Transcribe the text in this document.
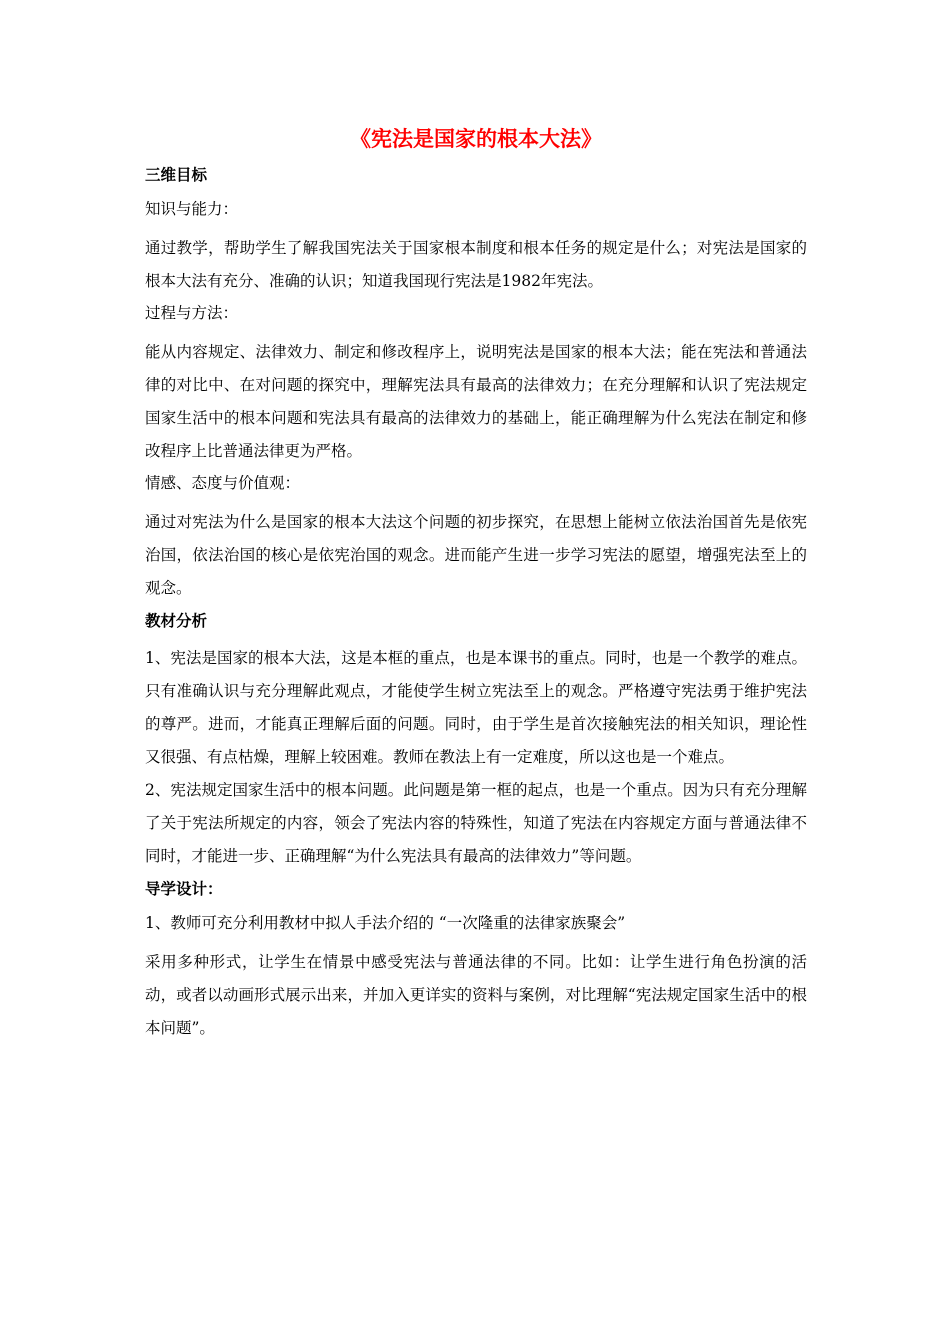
《宪法是国家的根本大法》
三维目标
知识与能力：

通过教学，帮助学生了解我国宪法关于国家根本制度和根本任务的规定是什么；对宪法是国家的根本大法有充分、准确的认识；知道我国现行宪法是1982年宪法。

过程与方法：

能从内容规定、法律效力、制定和修改程序上，说明宪法是国家的根本大法；能在宪法和普通法律的对比中、在对问题的探究中，理解宪法具有最高的法律效力；在充分理解和认识了宪法规定国家生活中的根本问题和宪法具有最高的法律效力的基础上，能正确理解为什么宪法在制定和修改程序上比普通法律更为严格。

情感、态度与价值观：

通过对宪法为什么是国家的根本大法这个问题的初步探究，在思想上能树立依法治国首先是依宪治国，依法治国的核心是依宪治国的观念。进而能产生进一步学习宪法的愿望，增强宪法至上的观念。

教材分析

1、宪法是国家的根本大法，这是本框的重点，也是本课书的重点。同时，也是一个教学的难点。只有准确认识与充分理解此观点，才能使学生树立宪法至上的观念。严格遵守宪法勇于维护宪法的尊严。进而，才能真正理解后面的问题。同时，由于学生是首次接触宪法的相关知识，理论性又很强、有点枯燥，理解上较困难。教师在教法上有一定难度，所以这也是一个难点。

2、宪法规定国家生活中的根本问题。此问题是第一框的起点，也是一个重点。因为只有充分理解了关于宪法所规定的内容，领会了宪法内容的特殊性，知道了宪法在内容规定方面与普通法律不同时，才能进一步、正确理解“为什么宪法具有最高的法律效力”等问题。

导学设计：
1、教师可充分利用教材中拟人手法介绍的 “一次隆重的法律家族聚会”

采用多种形式，让学生在情景中感受宪法与普通法律的不同。比如：让学生进行角色扮演的活动，或者以动画形式展示出来，并加入更详实的资料与案例，对比理解“宪法规定国家生活中的根本问题”。
